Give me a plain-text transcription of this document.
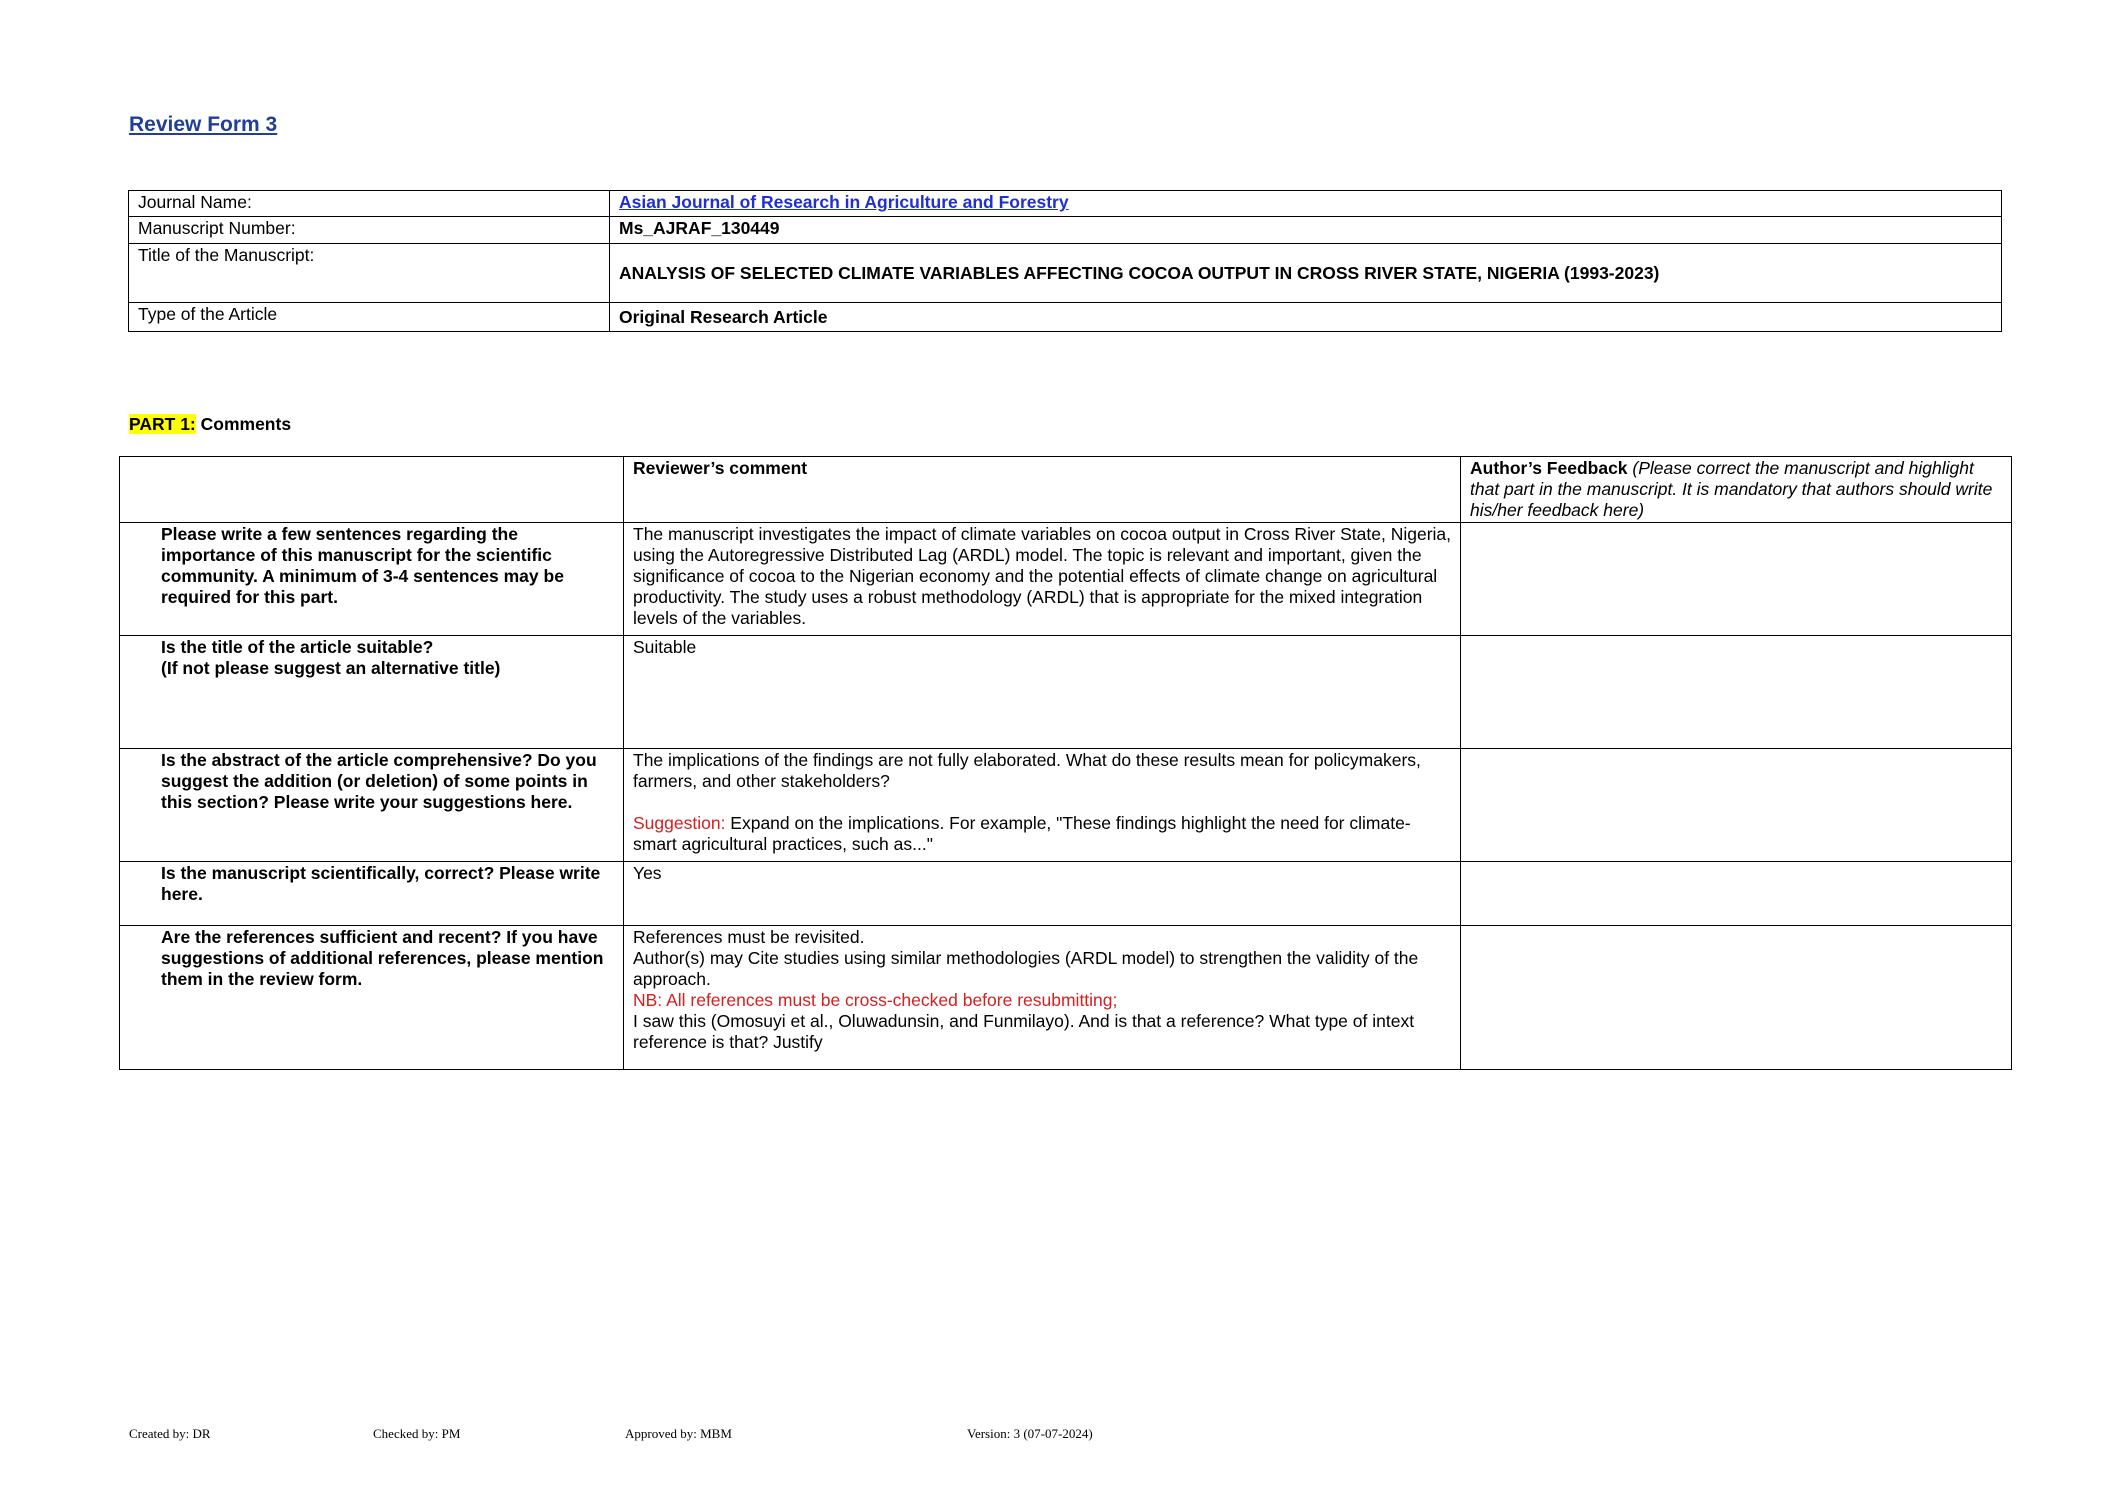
Review Form 3
Journal Name:	Asian Journal of Research in Agriculture and Forestry
Manuscript Number:	Ms_AJRAF_130449
Title of the Manuscript:	ANALYSIS OF SELECTED CLIMATE VARIABLES AFFECTING COCOA OUTPUT IN CROSS RIVER STATE, NIGERIA (1993-2023)
Type of the Article	Original Research Article
PART 1: Comments
	Reviewer’s comment	Author’s Feedback (Please correct the manuscript and highlight that part in the manuscript. It is mandatory that authors should write his/her feedback here)
Please write a few sentences regarding the importance of this manuscript for the scientific community. A minimum of 3-4 sentences may be required for this part.	The manuscript investigates the impact of climate variables on cocoa output in Cross River State, Nigeria, using the Autoregressive Distributed Lag (ARDL) model. The topic is relevant and important, given the significance of cocoa to the Nigerian economy and the potential effects of climate change on agricultural productivity. The study uses a robust methodology (ARDL) that is appropriate for the mixed integration levels of the variables.	

Is the title of the article suitable?
(If not please suggest an alternative title)	Suitable	
Is the abstract of the article comprehensive? Do you suggest the addition (or deletion) of some points in this section? Please write your suggestions here.	The implications of the findings are not fully elaborated. What do these results mean for policymakers, farmers, and other stakeholders?
Suggestion: Expand on the implications. For example, "These findings highlight the need for climate-smart agricultural practices, such as..."	

Is the manuscript scientifically, correct? Please write here.	Yes	
Are the references sufficient and recent? If you have suggestions of additional references, please mention them in the review form.	References must be revisited.
Author(s) may Cite studies using similar methodologies (ARDL model) to strengthen the validity of the approach.
NB: All references must be cross-checked before resubmitting;
I saw this (Omosuyi et al., Oluwadunsin, and Funmilayo). And is that a reference? What type of intext reference is that? Justify	

Created by: DR	Checked by: PM	Approved by: MBM	Version: 3 (07-07-2024)
